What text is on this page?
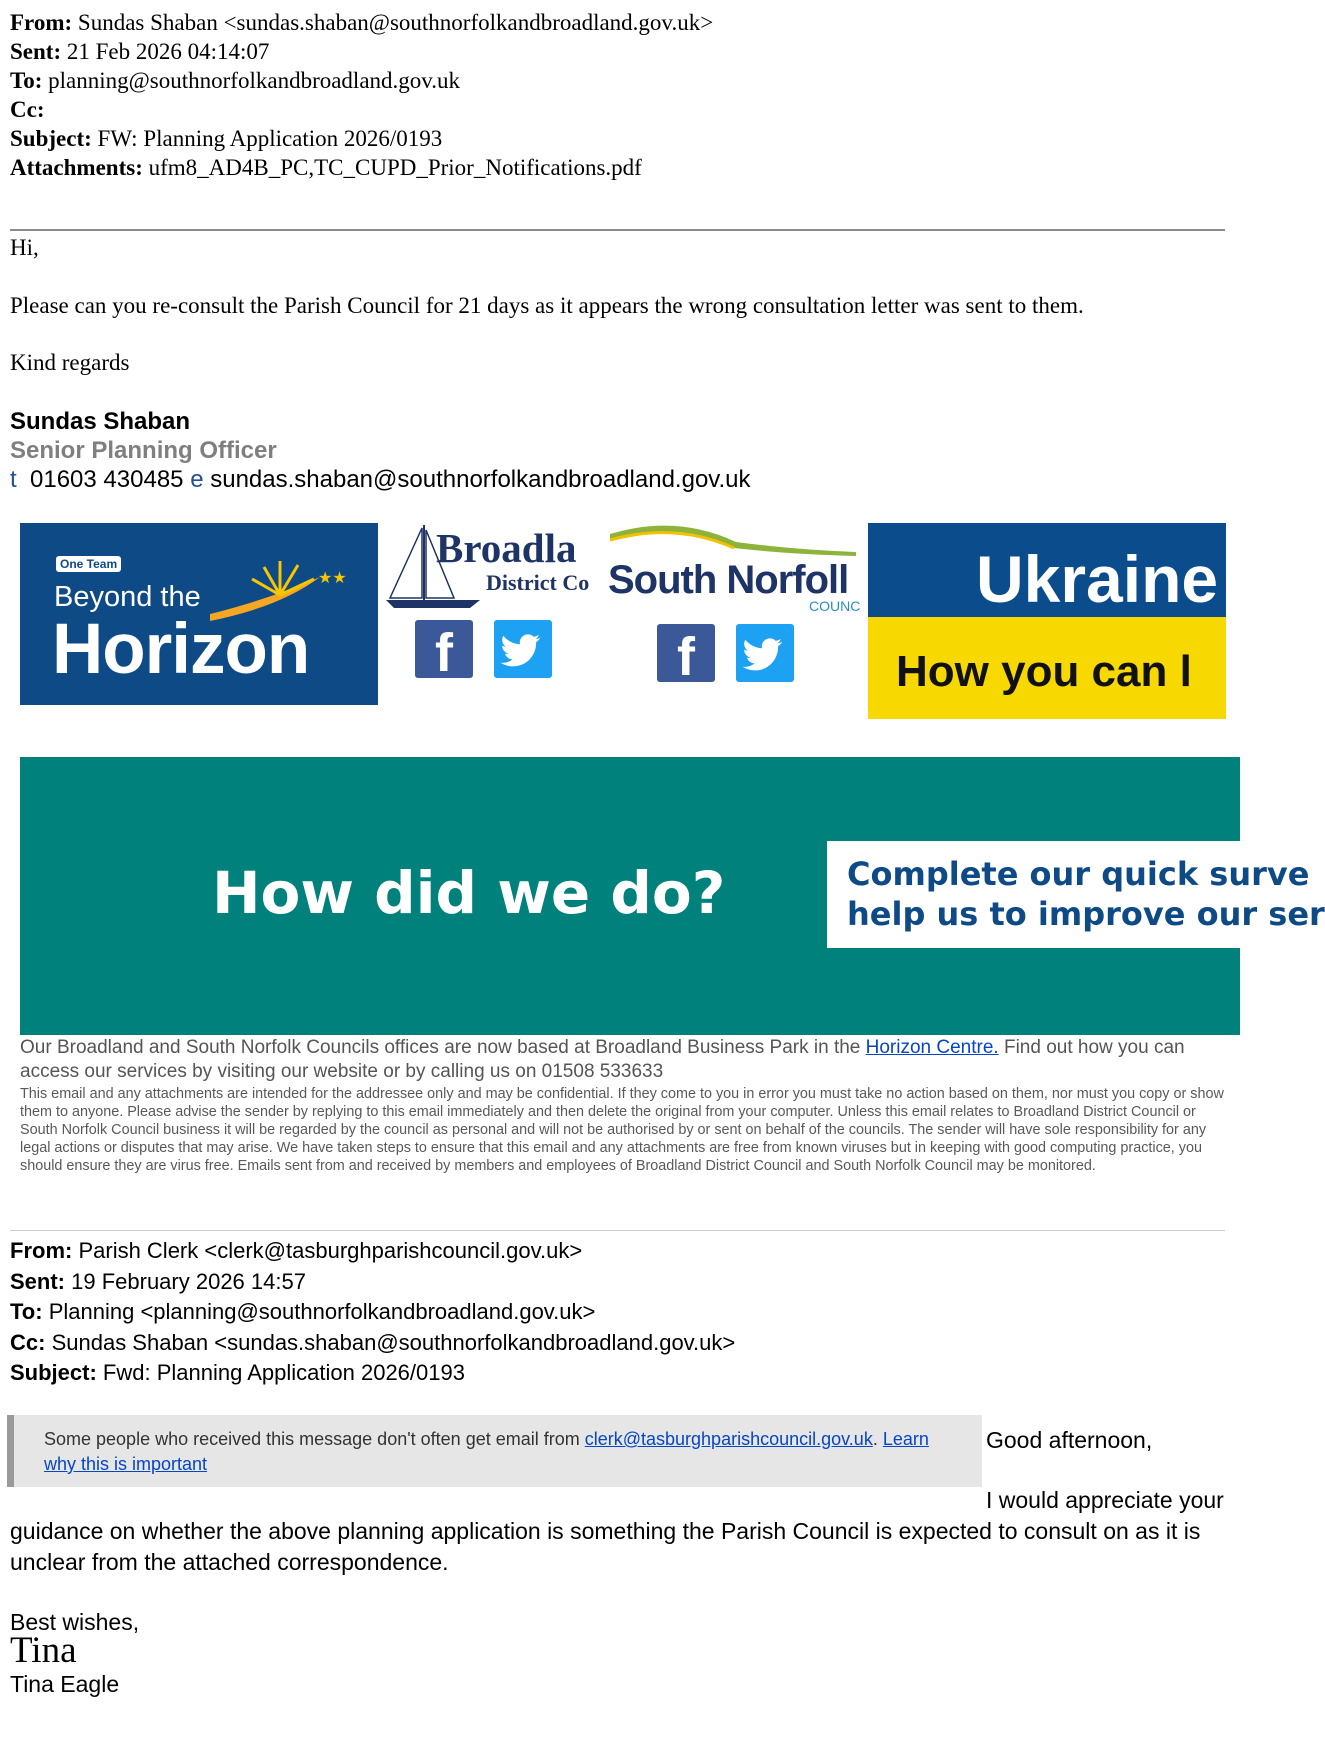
From: Sundas Shaban <sundas.shaban@southnorfolkandbroadland.gov.uk>
Sent: 21 Feb 2026 04:14:07
To: planning@southnorfolkandbroadland.gov.uk
Cc:
Subject: FW: Planning Application 2026/0193
Attachments: ufm8_AD4B_PC,TC_CUPD_Prior_Notifications.pdf

Hi,

Please can you re-consult the Parish Council for 21 days as it appears the wrong consultation letter was sent to them.

Kind regards

Sundas Shaban
Senior Planning Officer
t 01603 430485 e sundas.shaban@southnorfolkandbroadland.gov.uk
One Team
Beyond the
Horizon
★★
Broadla
District Co South Norfoll
COUNC
f	f
Ukraine
How you can l
How did we do?	Complete our quick surve
help us to improve our ser
Our Broadland and South Norfolk Councils offices are now based at Broadland Business Park in the Horizon Centre. Find out how you can access our services by visiting our website or by calling us on 01508 533633
This email and any attachments are intended for the addressee only and may be confidential. If they come to you in error you must take no action based on them, nor must you copy or show them to anyone. Please advise the sender by replying to this email immediately and then delete the original from your computer. Unless this email relates to Broadland District Council or South Norfolk Council business it will be regarded by the council as personal and will not be authorised by or sent on behalf of the councils. The sender will have sole responsibility for any legal actions or disputes that may arise. We have taken steps to ensure that this email and any attachments are free from known viruses but in keeping with good computing practice, you should ensure they are virus free. Emails sent from and received by members and employees of Broadland District Council and South Norfolk Council may be monitored.
From: Parish Clerk <clerk@tasburghparishcouncil.gov.uk>
Sent: 19 February 2026 14:57
To: Planning <planning@southnorfolkandbroadland.gov.uk>
Cc: Sundas Shaban <sundas.shaban@southnorfolkandbroadland.gov.uk>
Subject: Fwd: Planning Application 2026/0193
Some people who received this message don't often get email from clerk@tasburghparishcouncil.gov.uk. Learn why this is important
Good afternoon,
I would appreciate your
guidance on whether the above planning application is something the Parish Council is expected to consult on as it is
unclear from the attached correspondence.
Best wishes,
Tina
Tina Eagle
